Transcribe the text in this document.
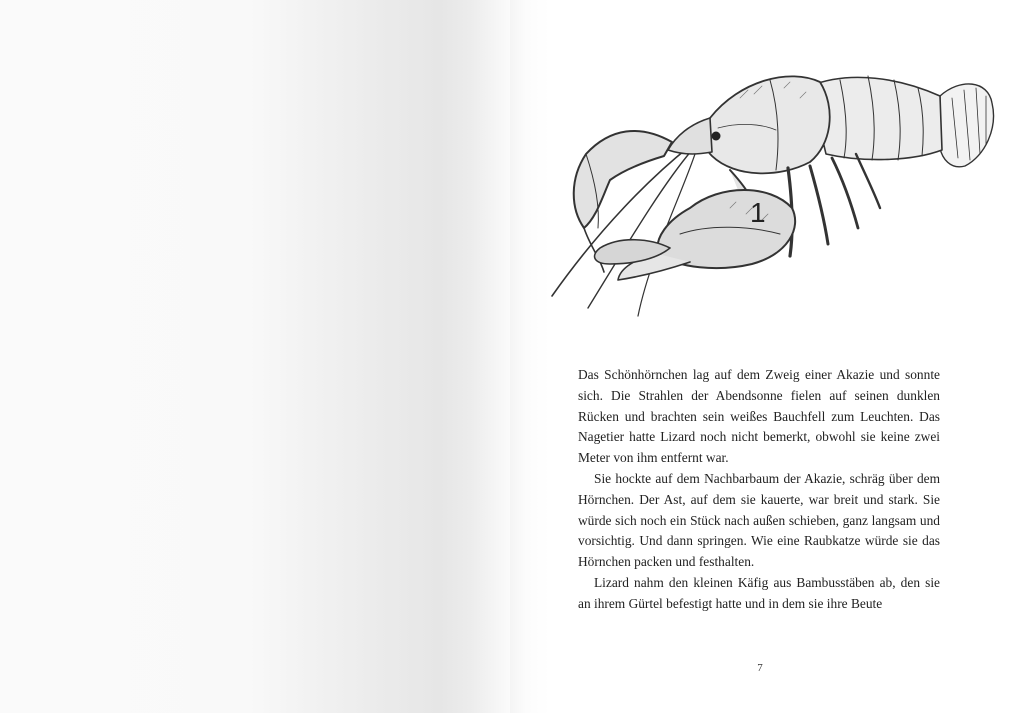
1

Das Schönhörnchen lag auf dem Zweig einer Akazie und sonnte sich. Die Strahlen der Abendsonne fielen auf seinen dunklen Rücken und brachten sein weißes Bauchfell zum Leuchten. Das Nagetier hatte Lizard noch nicht bemerkt, obwohl sie keine zwei Meter von ihm entfernt war.

Sie hockte auf dem Nachbarbaum der Akazie, schräg über dem Hörnchen. Der Ast, auf dem sie kauerte, war breit und stark. Sie würde sich noch ein Stück nach außen schieben, ganz langsam und vorsichtig. Und dann springen. Wie eine Raubkatze würde sie das Hörnchen packen und festhalten.

Lizard nahm den kleinen Käfig aus Bambusstäben ab, den sie an ihrem Gürtel befestigt hatte und in dem sie ihre Beute

7
